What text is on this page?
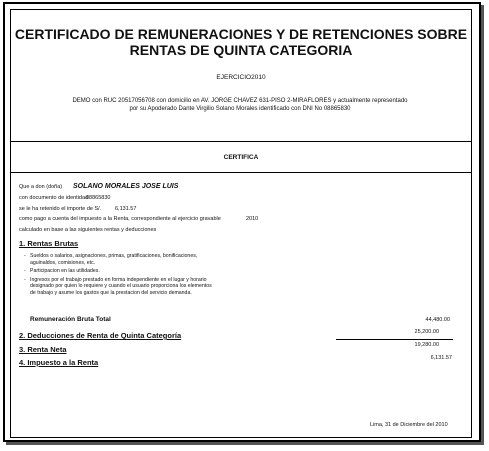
CERTIFICADO DE REMUNERACIONES Y DE RETENCIONES SOBRE RENTAS DE QUINTA CATEGORIA
EJERCICIO2010
DEMO con RUC 20517056708 con domicilio en AV. JORGE CHAVEZ 631-PISO 2-MIRAFLORES y actualmente representado por su Apoderado Dante Virgilio Solano Morales identificado con DNI No 08865830
CERTIFICA
Que a don (doña) SOLANO MORALES JOSE LUIS
con documento de identidad
08865830
se le ha retenido el importe de S/.	6,131.57
como pago a cuenta del impuesto a la Renta, correspondiente al ejercicio gravable	2010
calculado en base a las siguientes rentas y deducciones
1. Rentas Brutas
- Sueldos o salarios, asignaciones, primas, gratificaciones, bonificaciones, aguinaldos, comisiones, etc.
- Participacion en las utilidades.
- Ingresos por el trabajo prestado en forma independiente en el lugar y horario designado por quien lo requiere y cuando el usuario proporciona los elementos de trabajo y asume los gastos que la prestacion del servicio demanda.
Remuneración Bruta Total	44,480.00
2. Deducciones de Renta de Quinta Categoría	25,200.00
3. Renta Neta	19,280.00
4. Impuesto a la Renta	6,131.57
Lima, 31 de Diciembre del 2010
